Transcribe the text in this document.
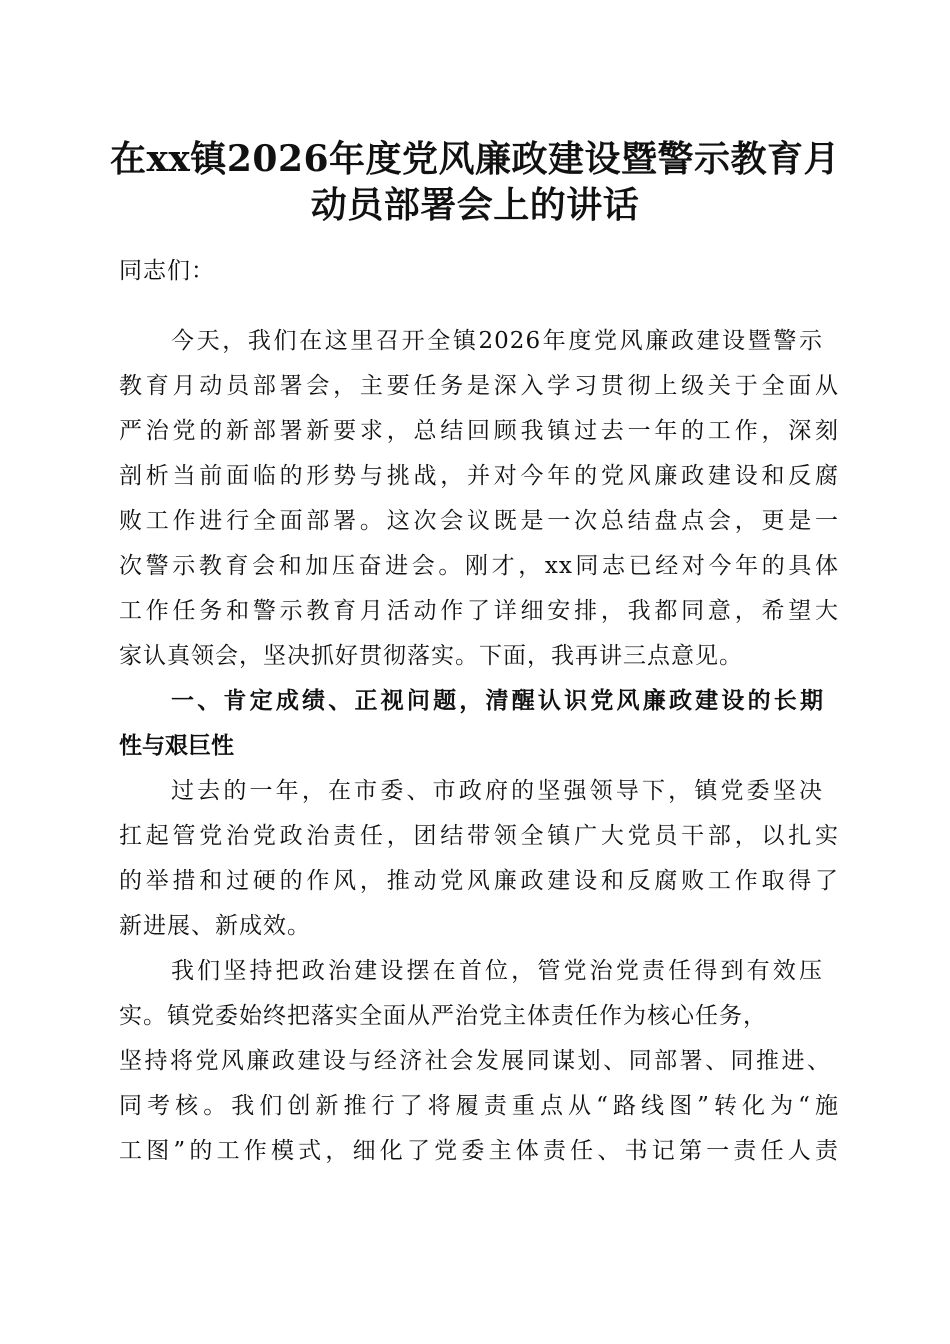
在xx镇2026年度党风廉政建设暨警示教育月
动员部署会上的讲话
同志们：
今天，我们在这里召开全镇2026年度党风廉政建设暨警示
教育月动员部署会，主要任务是深入学习贯彻上级关于全面从
严治党的新部署新要求，总结回顾我镇过去一年的工作，深刻
剖析当前面临的形势与挑战，并对今年的党风廉政建设和反腐
败工作进行全面部署。这次会议既是一次总结盘点会，更是一
次警示教育会和加压奋进会。刚才，xx同志已经对今年的具体
工作任务和警示教育月活动作了详细安排，我都同意，希望大
家认真领会，坚决抓好贯彻落实。下面，我再讲三点意见。
一、肯定成绩、正视问题，清醒认识党风廉政建设的长期
性与艰巨性
过去的一年，在市委、市政府的坚强领导下，镇党委坚决
扛起管党治党政治责任，团结带领全镇广大党员干部，以扎实
的举措和过硬的作风，推动党风廉政建设和反腐败工作取得了
新进展、新成效。
我们坚持把政治建设摆在首位，管党治党责任得到有效压
实。镇党委始终把落实全面从严治党主体责任作为核心任务，
坚持将党风廉政建设与经济社会发展同谋划、同部署、同推进、
同考核。我们创新推行了将履责重点从“路线图”转化为“施
工图”的工作模式，细化了党委主体责任、书记第一责任人责
